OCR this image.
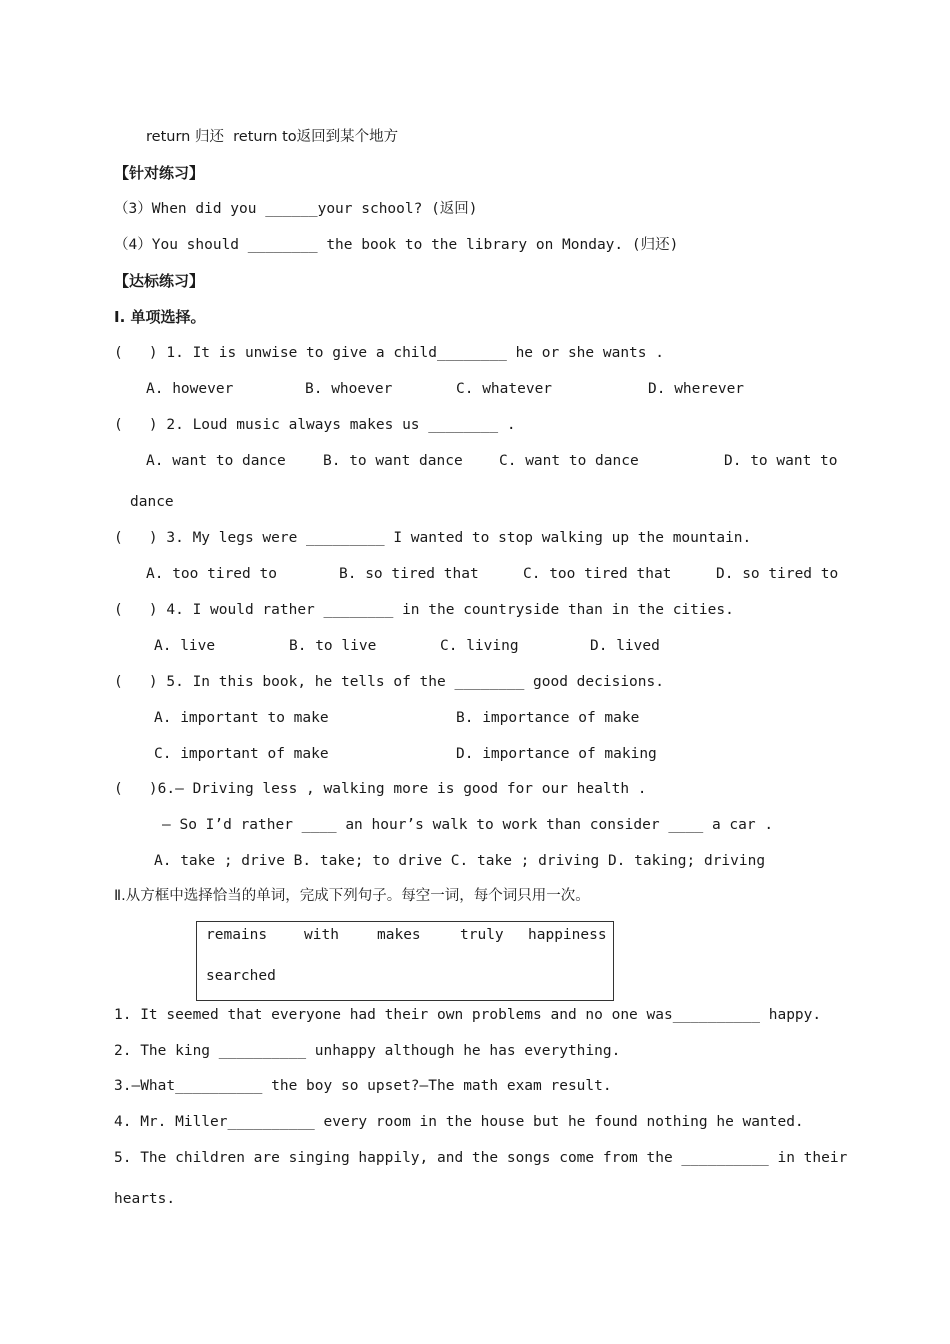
return 归还  return to返回到某个地方
【针对练习】
（3）When did you ______your school? (返回)
（4）You should ________ the book to the library on Monday. (归还)
【达标练习】
I. 单项选择。
(   ) 1. It is unwise to give a child________ he or she wants .
A. however	B. whoever	C. whatever	D. wherever
(   ) 2. Loud music always makes us ________ .
A. want to dance	B. to want dance	C. want to dance	D. to want to
dance
(   ) 3. My legs were _________ I wanted to stop walking up the mountain.
A. too tired to	B. so tired that	C. too tired that	D. so tired to
(   ) 4. I would rather ________ in the countryside than in the cities.
A. live	B. to live	C. living	D. lived
(   ) 5. In this book, he tells of the ________ good decisions.
A. important to make	B. importance of make
C. important of make	D. importance of making
(   )6.— Driving less , walking more is good for our health .
— So I’d rather ____ an hour’s walk to work than consider ____ a car .
A. take ; drive B. take; to drive C. take ; driving D. taking; driving
Ⅱ.从方框中选择恰当的单词，完成下列句子。每空一词，每个词只用一次。
remains	with	makes	truly happiness
searched
1. It seemed that everyone had their own problems and no one was__________ happy.
2. The king __________ unhappy although he has everything.
3.—What__________ the boy so upset?—The math exam result.
4. Mr. Miller__________ every room in the house but he found nothing he wanted.
5. The children are singing happily, and the songs come from the __________ in their
hearts.
